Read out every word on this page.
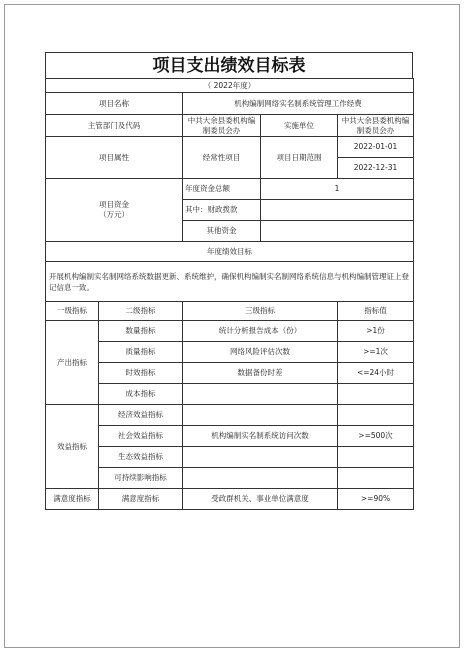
项目支出绩效目标表
（ 2022年度）				
项目名称		机构编制网络实名制系统管理工作经费		
主管部门及代码		中共大余县委机构编制委员会办	实施单位	中共大余县委机构编制委员会办
项目属性		经常性项目	项目日期范围	2022-01-01
				2022-12-31
项目资金
（万元）		年度资金总额	1	
		其中：财政拨款		
		其他资金		
年度绩效目标				
开展机构编制实名制网络系统数据更新、系统维护，确保机构编制实名制网络系统信息与机构编制管理证上登记信息一致。				
一级指标	二级指标	三级指标		指标值
产出指标	数量指标	统计分析报告成本（份）		>1份
	质量指标	网络风险评估次数		>=1次
	时效指标	数据备份时差		<=24小时
	成本指标			
效益指标	经济效益指标			
	社会效益指标	机构编制实名制系统访问次数		>=500次
	生态效益指标			
	可持续影响指标			
满意度指标	满意度指标	受政群机关、事业单位满意度		>=90%
